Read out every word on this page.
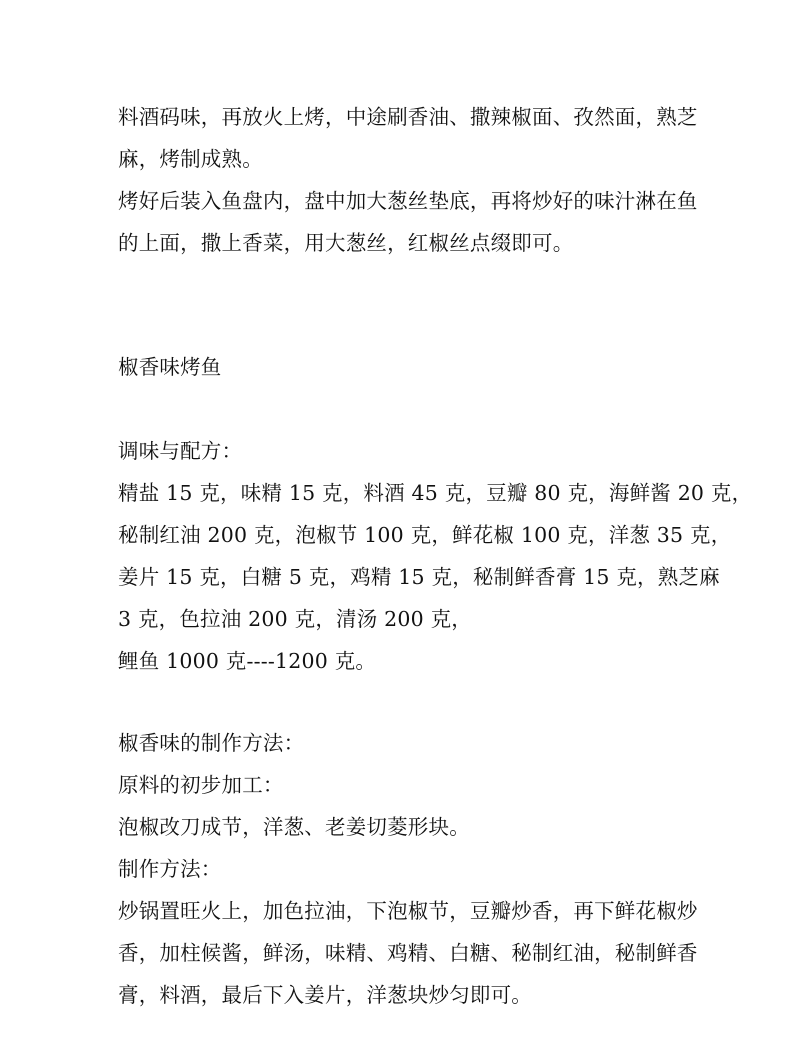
料酒码味，再放火上烤，中途刷香油、撒辣椒面、孜然面，熟芝
麻，烤制成熟。
烤好后装入鱼盘内，盘中加大葱丝垫底，再将炒好的味汁淋在鱼
的上面，撒上香菜，用大葱丝，红椒丝点缀即可。
椒香味烤鱼
调味与配方：
精盐 15 克，味精 15 克，料酒 45 克，豆瓣 80 克，海鲜酱 20 克，
秘制红油 200 克，泡椒节 100 克，鲜花椒 100 克，洋葱 35 克，
姜片 15 克，白糖 5 克，鸡精 15 克，秘制鲜香膏 15 克，熟芝麻
3 克，色拉油 200 克，清汤 200 克，
鲤鱼 1000 克----1200 克。
椒香味的制作方法：
原料的初步加工：
泡椒改刀成节，洋葱、老姜切菱形块。
制作方法：
炒锅置旺火上，加色拉油，下泡椒节，豆瓣炒香，再下鲜花椒炒
香，加柱候酱，鲜汤，味精、鸡精、白糖、秘制红油，秘制鲜香
膏，料酒，最后下入姜片，洋葱块炒匀即可。
